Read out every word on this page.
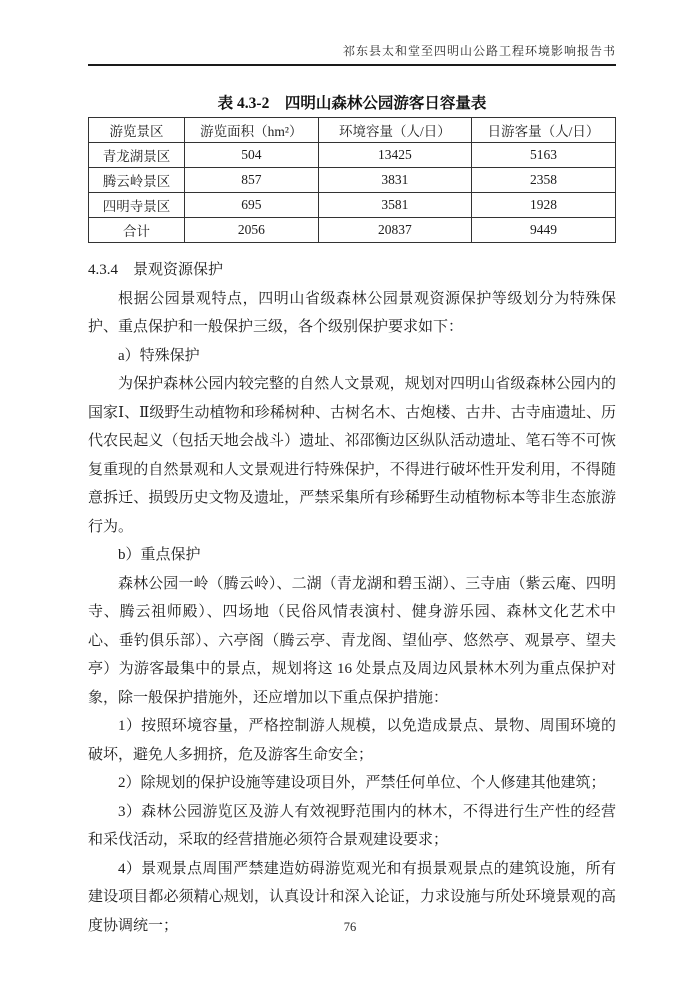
祁东县太和堂至四明山公路工程环境影响报告书
表 4.3-2　四明山森林公园游客日容量表
游览景区	游览面积（hm²）	环境容量（人/日）	日游客量（人/日）
青龙湖景区	504	13425	5163
腾云岭景区	857	3831	2358
四明寺景区	695	3581	1928
合计	2056	20837	9449
4.3.4　景观资源保护

根据公园景观特点，四明山省级森林公园景观资源保护等级划分为特殊保护、重点保护和一般保护三级，各个级别保护要求如下：

a）特殊保护

为保护森林公园内较完整的自然人文景观，规划对四明山省级森林公园内的国家Ⅰ、Ⅱ级野生动植物和珍稀树种、古树名木、古炮楼、古井、古寺庙遗址、历代农民起义（包括天地会战斗）遗址、祁邵衡边区纵队活动遗址、笔石等不可恢复重现的自然景观和人文景观进行特殊保护，不得进行破坏性开发利用，不得随意拆迁、损毁历史文物及遗址，严禁采集所有珍稀野生动植物标本等非生态旅游行为。

b）重点保护

森林公园一岭（腾云岭）、二湖（青龙湖和碧玉湖）、三寺庙（紫云庵、四明寺、腾云祖师殿）、四场地（民俗风情表演村、健身游乐园、森林文化艺术中心、垂钓俱乐部）、六亭阁（腾云亭、青龙阁、望仙亭、悠然亭、观景亭、望夫亭）为游客最集中的景点，规划将这 16 处景点及周边风景林木列为重点保护对象，除一般保护措施外，还应增加以下重点保护措施：

1）按照环境容量，严格控制游人规模，以免造成景点、景物、周围环境的破坏，避免人多拥挤，危及游客生命安全；

2）除规划的保护设施等建设项目外，严禁任何单位、个人修建其他建筑；

3）森林公园游览区及游人有效视野范围内的林木，不得进行生产性的经营和采伐活动，采取的经营措施必须符合景观建设要求；

4）景观景点周围严禁建造妨碍游览观光和有损景观景点的建筑设施，所有建设项目都必须精心规划，认真设计和深入论证，力求设施与所处环境景观的高度协调统一；	76
